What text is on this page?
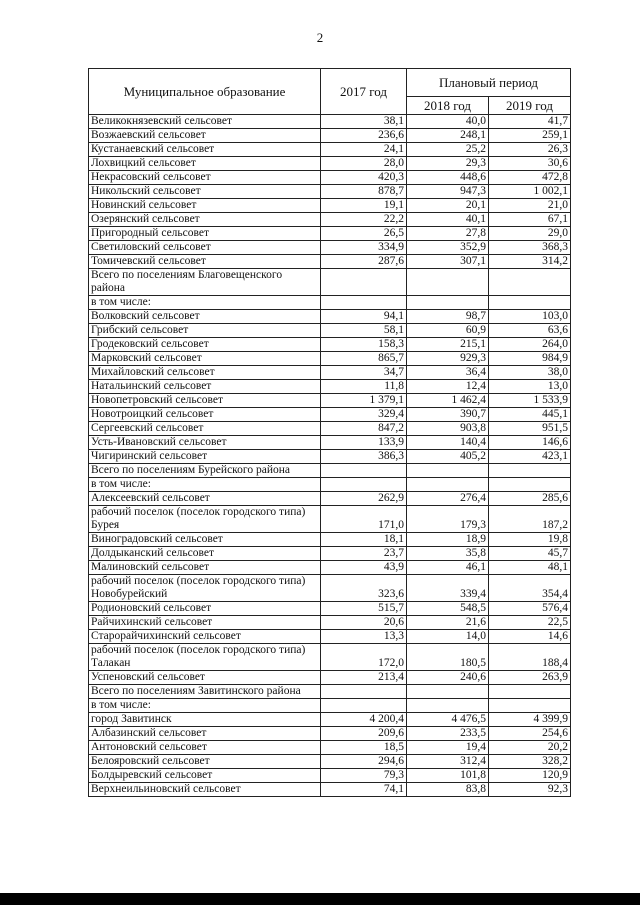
2
Муниципальное образование	2017 год	Плановый период	
		2018 год	2019 год
Великокнязевский сельсовет	38,1	40,0	41,7
Возжаевский сельсовет	236,6	248,1	259,1
Кустанаевский сельсовет	24,1	25,2	26,3
Лохвицкий сельсовет	28,0	29,3	30,6
Некрасовский сельсовет	420,3	448,6	472,8
Никольский сельсовет	878,7	947,3	1 002,1
Новинский сельсовет	19,1	20,1	21,0
Озерянский сельсовет	22,2	40,1	67,1
Пригородный сельсовет	26,5	27,8	29,0
Светиловский сельсовет	334,9	352,9	368,3
Томичевский сельсовет	287,6	307,1	314,2
Всего по поселениям Благовещенского района			
в том числе:			
Волковский сельсовет	94,1	98,7	103,0
Грибский сельсовет	58,1	60,9	63,6
Гродековский сельсовет	158,3	215,1	264,0
Марковский сельсовет	865,7	929,3	984,9
Михайловский сельсовет	34,7	36,4	38,0
Натальинский сельсовет	11,8	12,4	13,0
Новопетровский сельсовет	1 379,1	1 462,4	1 533,9
Новотроицкий сельсовет	329,4	390,7	445,1
Сергеевский сельсовет	847,2	903,8	951,5
Усть-Ивановский сельсовет	133,9	140,4	146,6
Чигиринский сельсовет	386,3	405,2	423,1
Всего по поселениям Бурейского района			
в том числе:			
Алексеевский сельсовет	262,9	276,4	285,6
рабочий поселок (поселок городского типа) Бурея	171,0	179,3	187,2
Виноградовский сельсовет	18,1	18,9	19,8
Долдыканский сельсовет	23,7	35,8	45,7
Малиновский сельсовет	43,9	46,1	48,1
рабочий поселок (поселок городского типа) Новобурейский	323,6	339,4	354,4
Родионовский сельсовет	515,7	548,5	576,4
Райчихинский сельсовет	20,6	21,6	22,5
Старорайчихинский сельсовет	13,3	14,0	14,6
рабочий поселок (поселок городского типа) Талакан	172,0	180,5	188,4
Успеновский сельсовет	213,4	240,6	263,9
Всего по поселениям Завитинского района			
в том числе:			
город Завитинск	4 200,4	4 476,5	4 399,9
Албазинский сельсовет	209,6	233,5	254,6
Антоновский сельсовет	18,5	19,4	20,2
Белояровский сельсовет	294,6	312,4	328,2
Болдыревский сельсовет	79,3	101,8	120,9
Верхнеильиновский сельсовет	74,1	83,8	92,3
